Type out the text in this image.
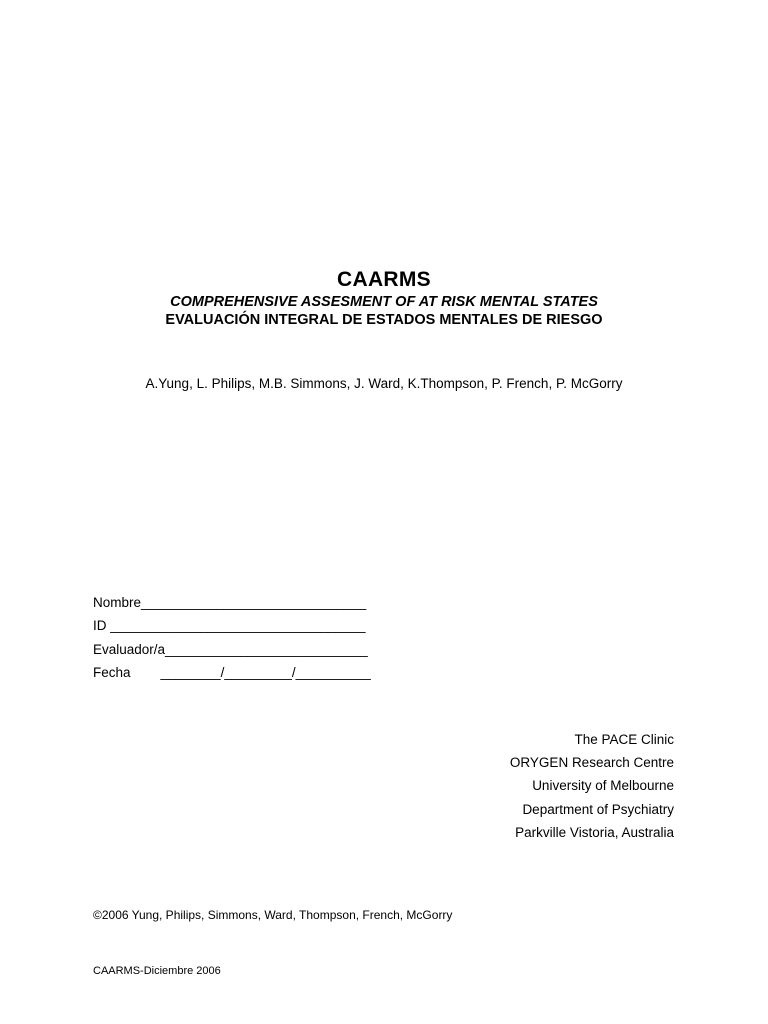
CAARMS
COMPREHENSIVE ASSESMENT OF AT RISK MENTAL STATES
EVALUACIÓN INTEGRAL DE ESTADOS MENTALES DE RIESGO
A.Yung, L. Philips, M.B. Simmons, J. Ward, K.Thompson, P. French, P. McGorry
Nombre______________________________
ID __________________________________
Evaluador/a___________________________
Fecha        ________/_________/__________
The PACE Clinic
ORYGEN Research Centre
University of Melbourne
Department of Psychiatry
Parkville Vistoria, Australia
©2006 Yung, Philips, Simmons, Ward, Thompson, French, McGorry
CAARMS-Diciembre 2006
